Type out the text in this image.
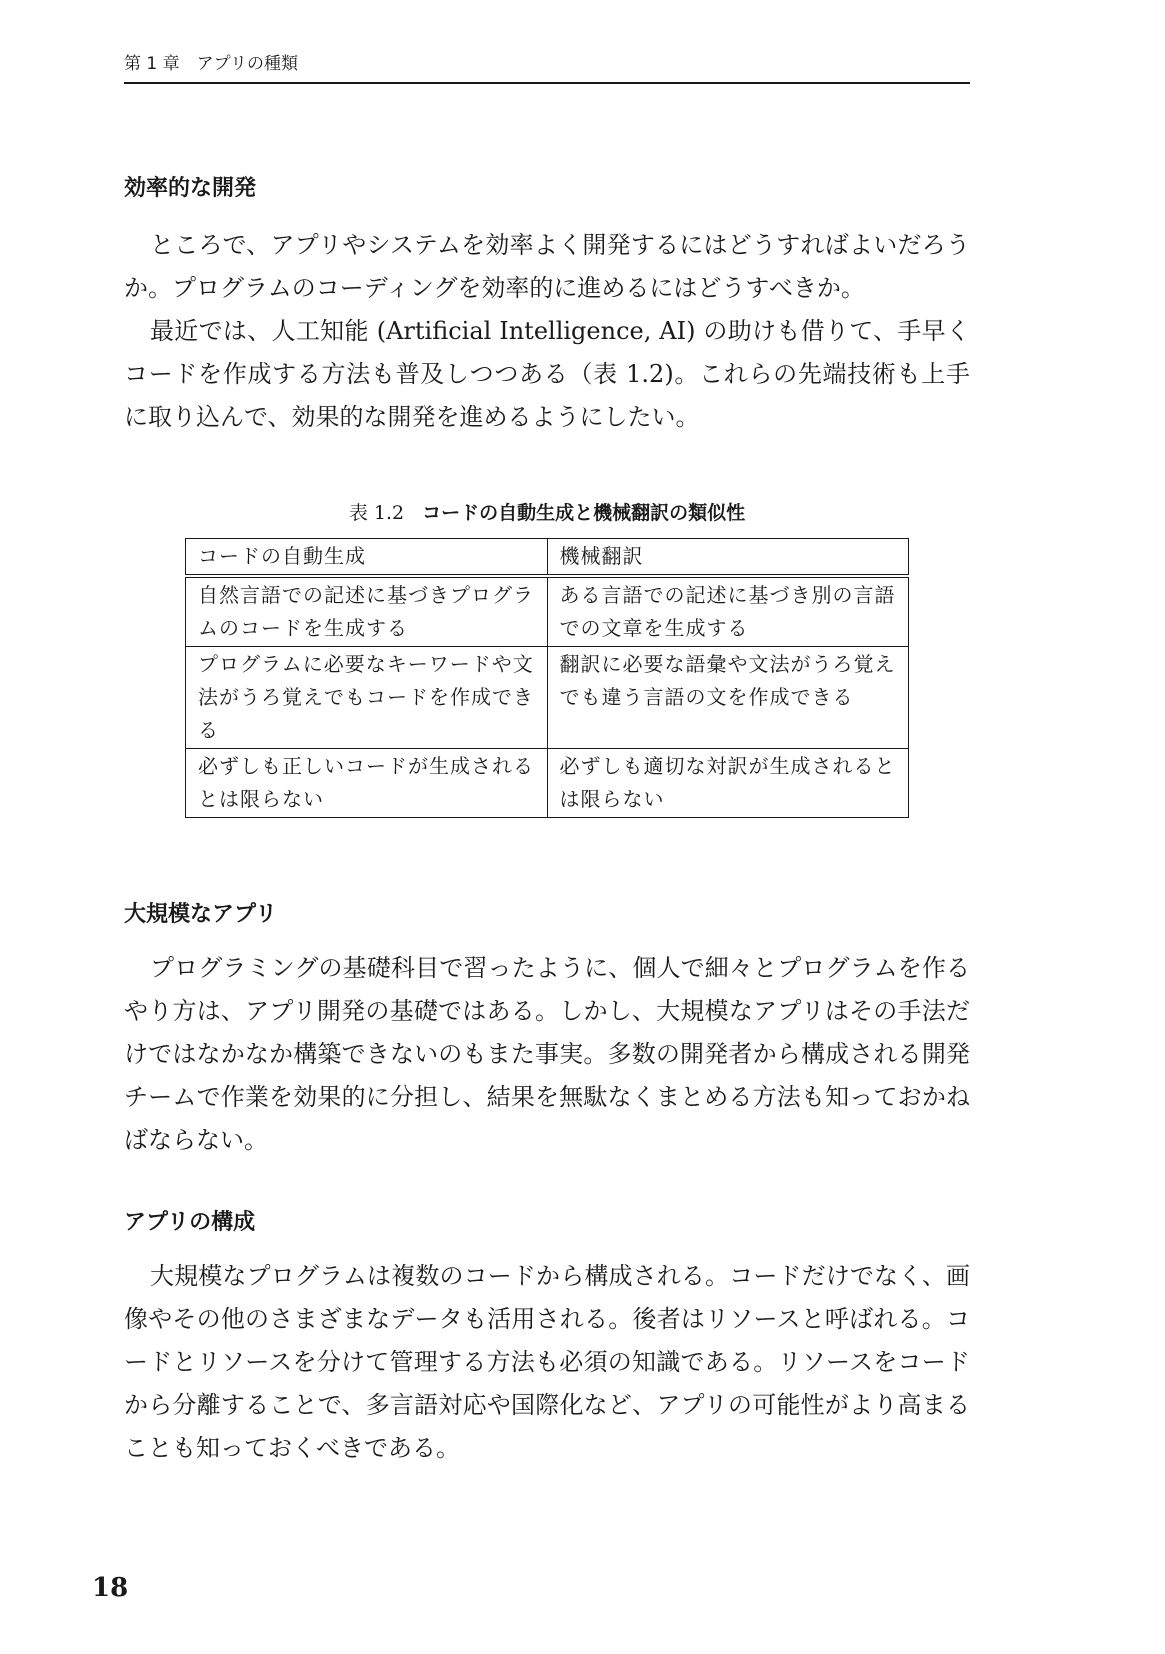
第 1 章　アプリの種類
効率的な開発

ところで、アプリやシステムを効率よく開発するにはどうすればよいだろうか。プログラムのコーディングを効率的に進めるにはどうすべきか。

最近では、人工知能 (Artificial Intelligence, AI) の助けも借りて、手早くコードを作成する方法も普及しつつある（表 1.2)。これらの先端技術も上手に取り込んで、効果的な開発を進めるようにしたい。

表 1.2 コードの自動生成と機械翻訳の類似性
コードの自動生成	機械翻訳
自然言語での記述に基づきプログラムのコードを生成する	ある言語での記述に基づき別の言語での文章を生成する
プログラムに必要なキーワードや文法がうろ覚えでもコードを作成できる	翻訳に必要な語彙や文法がうろ覚えでも違う言語の文を作成できる
必ずしも正しいコードが生成されるとは限らない	必ずしも適切な対訳が生成されるとは限らない
大規模なアプリ

プログラミングの基礎科目で習ったように、個人で細々とプログラムを作るやり方は、アプリ開発の基礎ではある。しかし、大規模なアプリはその手法だけではなかなか構築できないのもまた事実。多数の開発者から構成される開発チームで作業を効果的に分担し、結果を無駄なくまとめる方法も知っておかねばならない。

アプリの構成

大規模なプログラムは複数のコードから構成される。コードだけでなく、画像やその他のさまざまなデータも活用される。後者はリソースと呼ばれる。コードとリソースを分けて管理する方法も必須の知識である。リソースをコードから分離することで、多言語対応や国際化など、アプリの可能性がより高まることも知っておくべきである。

18
